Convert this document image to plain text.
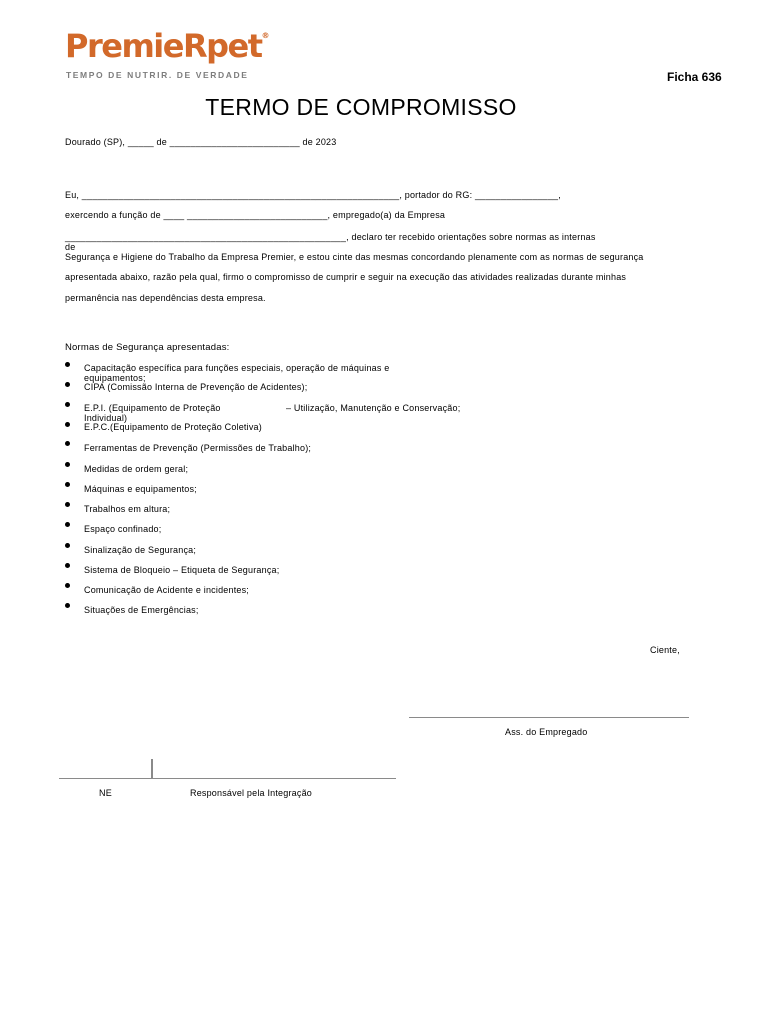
PremieRpet®
TEMPO DE NUTRIR. DE VERDADE	Ficha 636
TERMO DE COMPROMISSO
Dourado (SP), _____ de _________________________ de 2023
Eu, _____________________________________________________________, portador do RG: ________________,
exercendo a função de ____ ___________________________, empregado(a) da Empresa
______________________________________________________, declaro ter recebido orientações sobre normas as internas
de
Segurança e Higiene do Trabalho da Empresa Premier, e estou cinte das mesmas concordando plenamente com as normas de segurança
apresentada abaixo, razão pela qual, firmo o compromisso de cumprir e seguir na execução das atividades realizadas durante minhas
permanência nas dependências desta empresa.
Normas de Segurança apresentadas:
Capacitação específica para funções especiais, operação de máquinas e
equipamentos;
CIPA (Comissão Interna de Prevenção de Acidentes);
E.P.I. (Equipamento de Proteção	– Utilização, Manutenção e Conservação;
Individual)
E.P.C.(Equipamento de Proteção Coletiva)
Ferramentas de Prevenção (Permissões de Trabalho);
Medidas de ordem geral;
Máquinas e equipamentos;
Trabalhos em altura;
Espaço confinado;
Sinalização de Segurança;
Sistema de Bloqueio – Etiqueta de Segurança;
Comunicação de Acidente e incidentes;
Situações de Emergências;
Ciente,
Ass. do Empregado
NE	Responsável pela Integração
